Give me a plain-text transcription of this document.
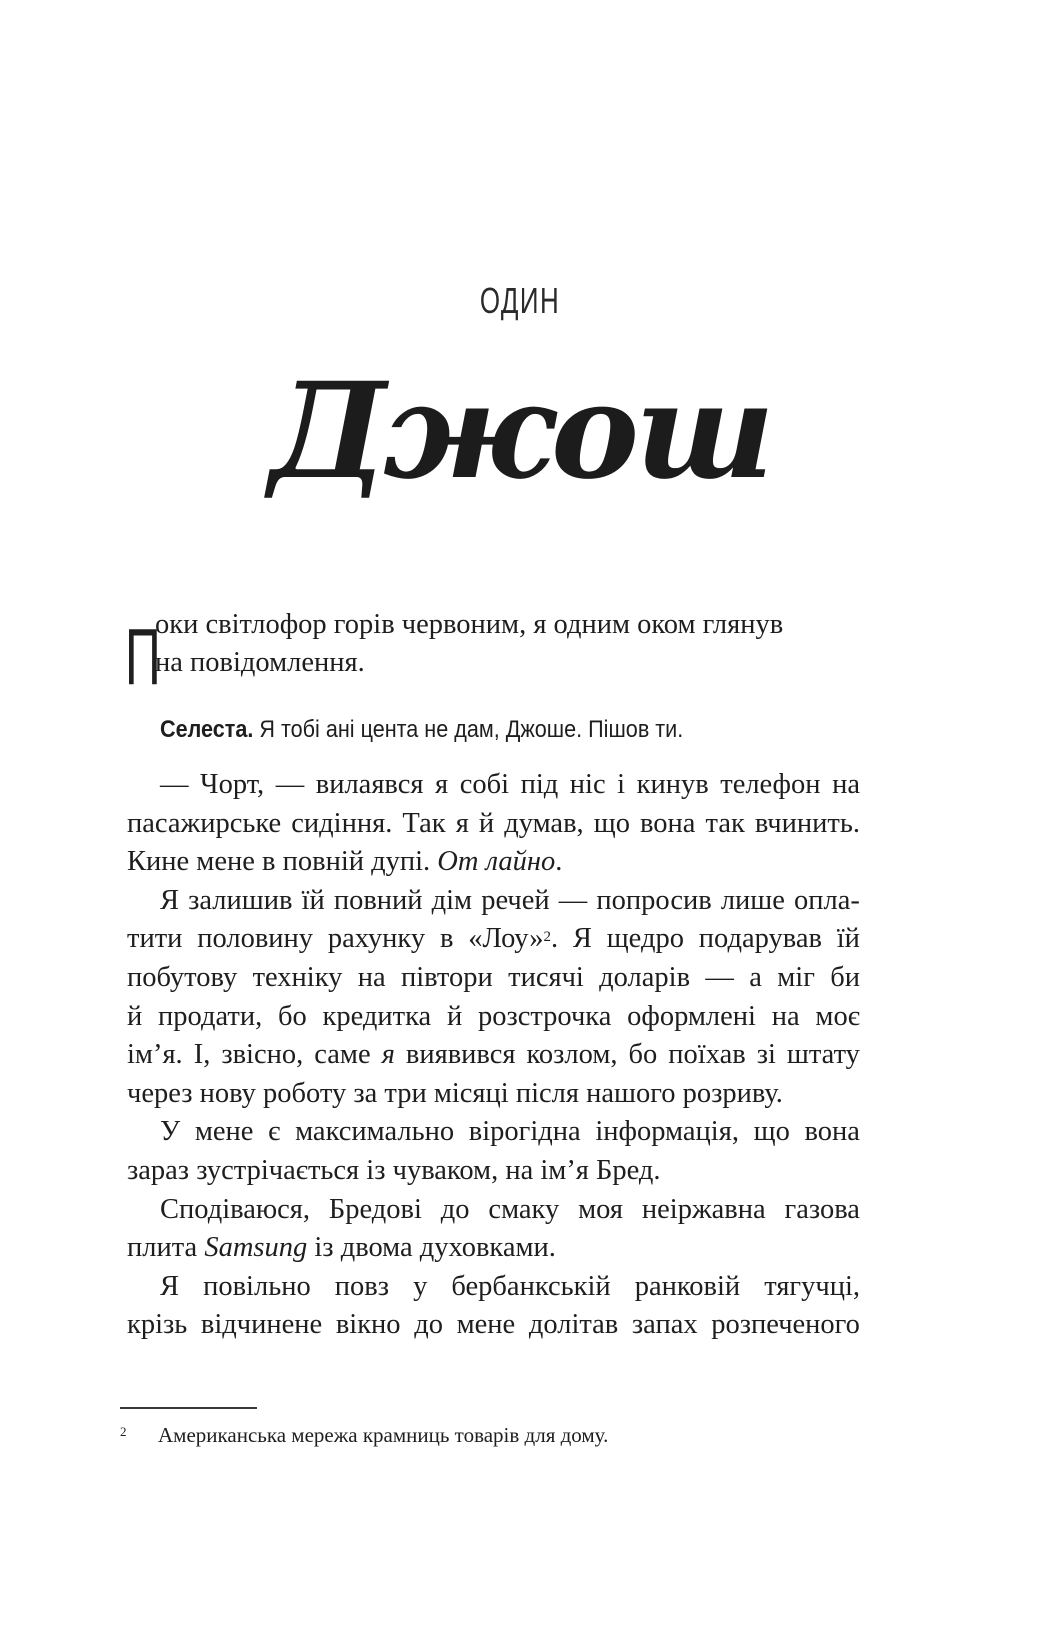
ОДИН
Джош
П
оки світлофор горів червоним, я одним оком глянув
на повідомлення.
Селеста. Я тобі ані цента не дам, Джоше. Пішов ти.
— Чорт, — вилаявся я собі під ніс і кинув телефон на
пасажирське сидіння. Так я й думав, що вона так вчинить.
Кине мене в повній дупі. От лайно.
Я залишив їй повний дім речей — попросив лише опла-
тити половину рахунку в «Лоу»$^2$. Я щедро подарував їй
побутову техніку на півтори тисячі доларів — а міг би
й продати, бо кредитка й розстрочка оформлені на моє
ім’я. І, звісно, саме я виявився козлом, бо поїхав зі штату
через нову роботу за три місяці після нашого розриву.
У мене є максимально вірогідна інформація, що вона
зараз зустрічається із чуваком, на ім’я Бред.
Сподіваюся, Бредові до смаку моя неіржавна газова
плита Samsung із двома духовками.
Я повільно повз у бербанкській ранковій тягучці,
крізь відчинене вікно до мене долітав запах розпеченого
2 Американська мережа крамниць товарів для дому.
